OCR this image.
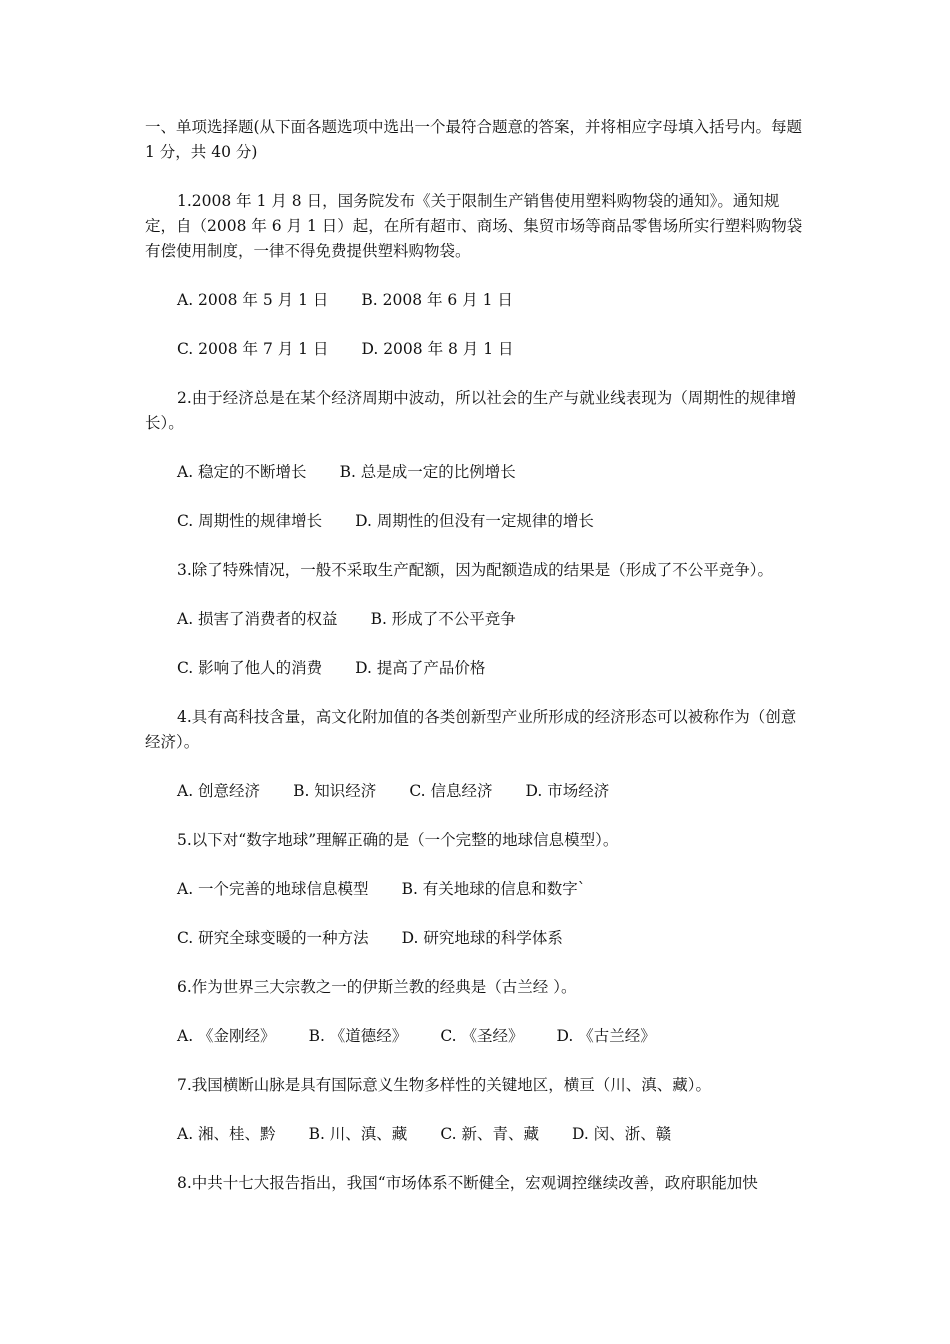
一、单项选择题(从下面各题选项中选出一个最符合题意的答案，并将相应字母填入括号内。每题 1 分，共 40 分)
1.2008 年 1 月 8 日，国务院发布《关于限制生产销售使用塑料购物袋的通知》。通知规定，自（2008 年 6 月 1 日）起，在所有超市、商场、集贸市场等商品零售场所实行塑料购物袋有偿使用制度，一律不得免费提供塑料购物袋。
A. 2008 年 5 月 1 日 B. 2008 年 6 月 1 日
C. 2008 年 7 月 1 日 D. 2008 年 8 月 1 日
2.由于经济总是在某个经济周期中波动，所以社会的生产与就业线表现为（周期性的规律增长）。
A. 稳定的不断增长 B. 总是成一定的比例增长
C. 周期性的规律增长 D. 周期性的但没有一定规律的增长
3.除了特殊情况，一般不采取生产配额，因为配额造成的结果是（形成了不公平竞争）。
A. 损害了消费者的权益 B. 形成了不公平竞争
C. 影响了他人的消费 D. 提高了产品价格
4.具有高科技含量，高文化附加值的各类创新型产业所形成的经济形态可以被称作为（创意经济）。
A. 创意经济 B. 知识经济 C. 信息经济 D. 市场经济
5.以下对“数字地球”理解正确的是（一个完整的地球信息模型）。
A. 一个完善的地球信息模型 B. 有关地球的信息和数字`
C. 研究全球变暖的一种方法 D. 研究地球的科学体系
6.作为世界三大宗教之一的伊斯兰教的经典是（古兰经 ）。
A. 《金刚经》 B. 《道德经》 C. 《圣经》 D. 《古兰经》
7.我国横断山脉是具有国际意义生物多样性的关键地区，横亘（川、滇、藏）。
A. 湘、桂、黔 B. 川、滇、藏 C. 新、青、藏 D. 闵、浙、赣
8.中共十七大报告指出，我国“市场体系不断健全，宏观调控继续改善，政府职能加快
